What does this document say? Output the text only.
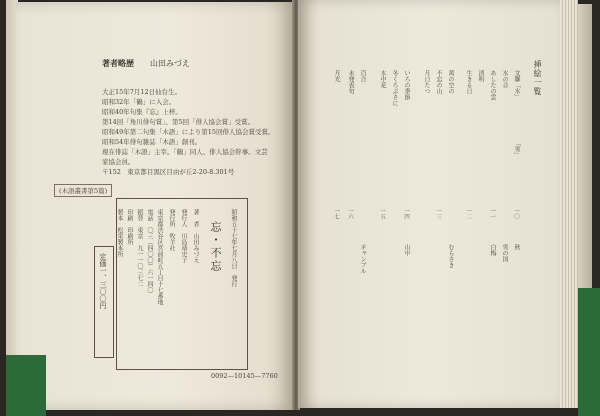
著者略歴 山田みづえ
大正15年7月12日仙台生。
昭和32年「鶴」に入会。
昭和40年句集『忘』上梓。
第14回「角川俳句賞」、第5回「俳人協会賞」受賞。
昭和49年第二句集「木語」により第15回俳人協会賞受賞。
昭和54年俳句雑誌「木語」創刊。
現在俳誌「木語」主宰。「鶴」同人、俳人協会幹事。文芸
家協会員。
〒152　東京都目黒区目由が丘2-20-8.301号
(木語叢書第5篇)
定価一、三〇〇円	昭和五十七年七月八日　発行
忘・不忘
著　者　山田みづえ
発行人　川島靖史子
発行所　牧羊社
東京都渋谷区宮前町五丁目十七番地
電話　〇三（四〇〇）六一四〇
振替　東京　九一一〇三七二
印刷　印刷所
製本　松栄製本所
0092—10145—7760
挿絵一覧
文聯「水」
「雪」
水の音
あしたの雲
清明
生きる日
萬の空の
不忘の山
月日たつ
いろの季節
冬くろぶさに
水中花
百合
未発表句
月光
秋
雪の国
白梅
むらさき
山中
ギャンブル
一〇
一一
一二
一三
一四
一五
一六
一七
